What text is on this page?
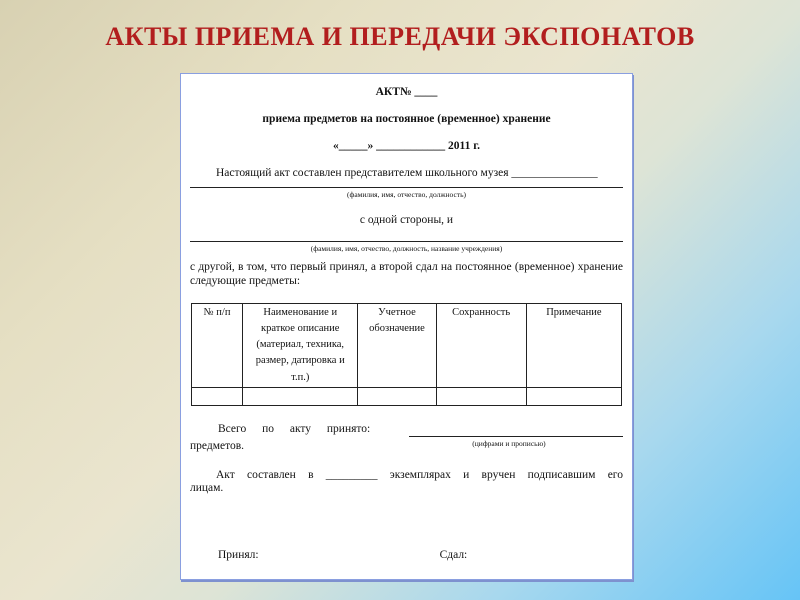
АКТЫ ПРИЕМА И ПЕРЕДАЧИ ЭКСПОНАТОВ
АКТ№ ____
приема предметов на постоянное (временное) хранение
«_____» ____________ 2011 г.
Настоящий акт составлен представителем школьного музея _______________
(фамилия, имя, отчество, должность)
с одной стороны, и
(фамилия, имя, отчество, должность, название учреждения)
с другой, в том, что первый принял, а второй сдал на постоянное (временное) хранение следующие предметы:
№ п/п	Наименование и краткое описание (материал, техника, размер, датировка и т.п.)	Учетное обозначение	Сохранность	Примечание

Всего по акту принято:
предметов.	(цифрами и прописью)
Акт составлен в _________ экземплярах и вручен подписавшим его лицам.
Принял:	Сдал:
